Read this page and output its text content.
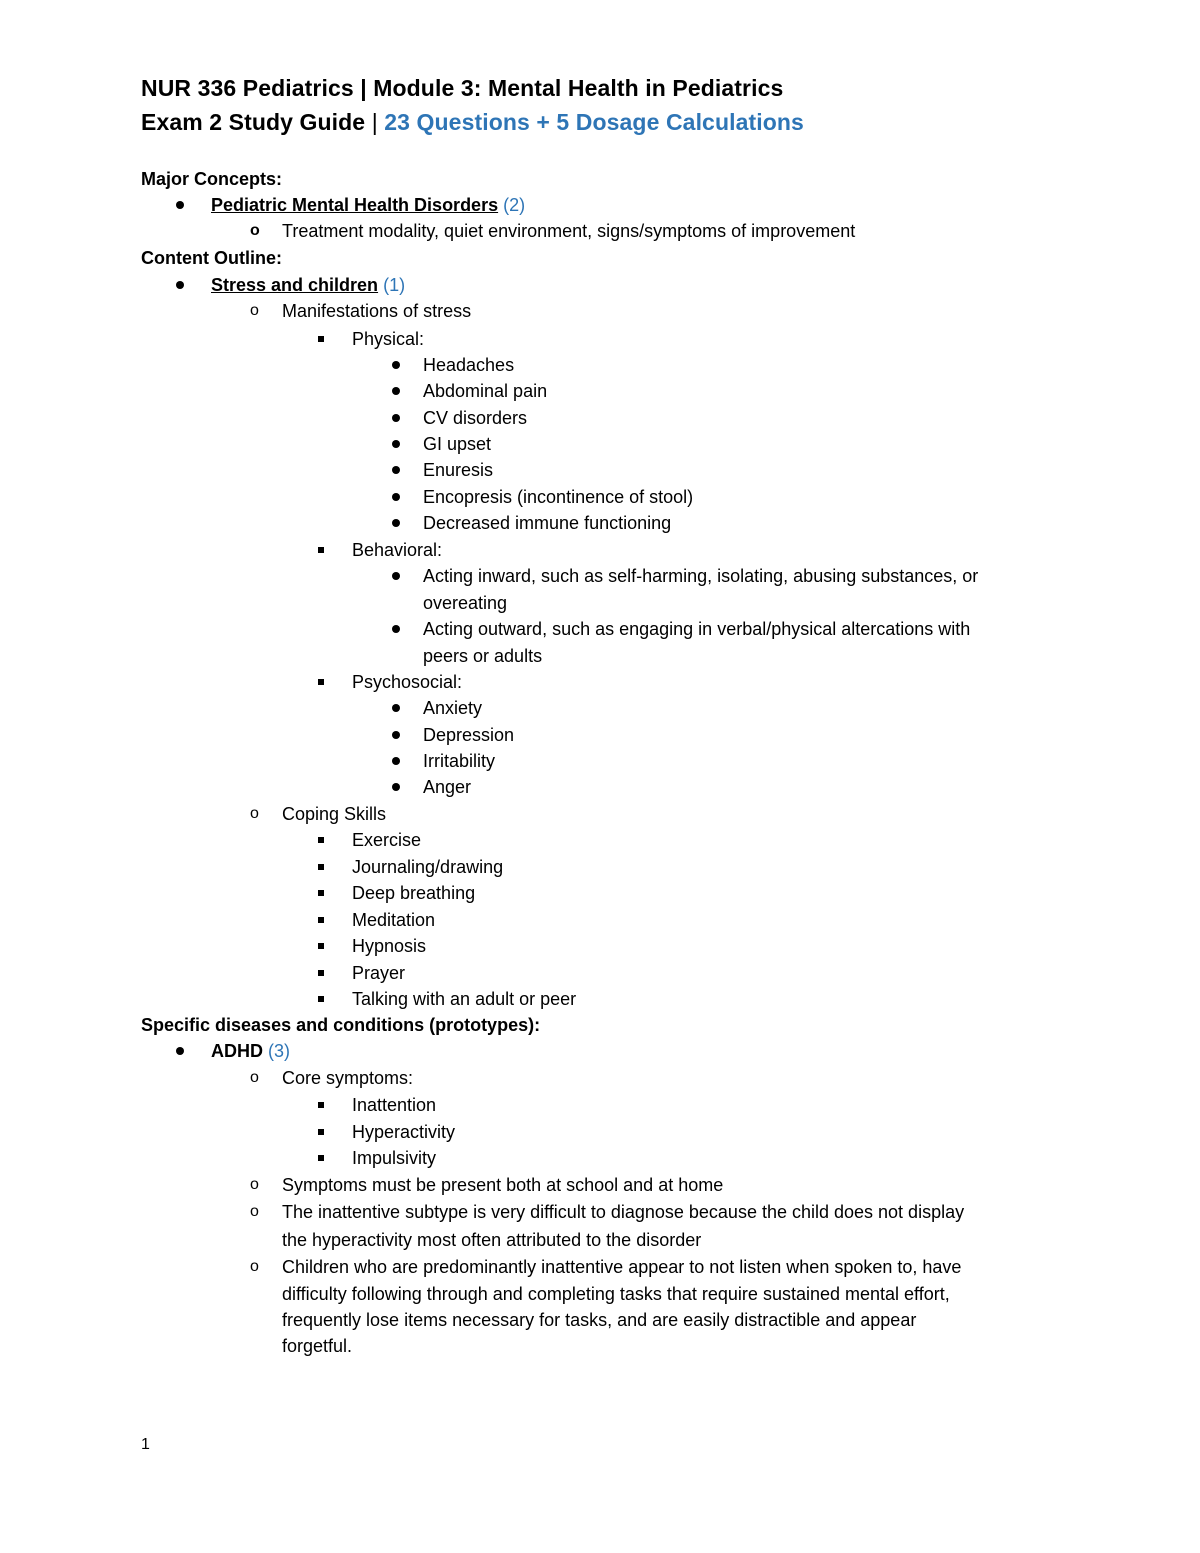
NUR 336 Pediatrics | Module 3: Mental Health in Pediatrics
Exam 2 Study Guide | 23 Questions + 5 Dosage Calculations
Major Concepts:
Pediatric Mental Health Disorders (2)
o Treatment modality, quiet environment, signs/symptoms of improvement
Content Outline:
Stress and children (1)
o Manifestations of stress
Physical:
Headaches
Abdominal pain
CV disorders
GI upset
Enuresis
Encopresis (incontinence of stool)
Decreased immune functioning
Behavioral:
Acting inward, such as self-harming, isolating, abusing substances, or
overeating
Acting outward, such as engaging in verbal/physical altercations with
peers or adults
Psychosocial:
Anxiety
Depression
Irritability
Anger
o Coping Skills
Exercise
Journaling/drawing
Deep breathing
Meditation
Hypnosis
Prayer
Talking with an adult or peer
Specific diseases and conditions (prototypes):
ADHD (3)
o Core symptoms:
Inattention
Hyperactivity
Impulsivity
o Symptoms must be present both at school and at home
o The inattentive subtype is very difficult to diagnose because the child does not display
the hyperactivity most often attributed to the disorder
o Children who are predominantly inattentive appear to not listen when spoken to, have
difficulty following through and completing tasks that require sustained mental effort,
frequently lose items necessary for tasks, and are easily distractible and appear
forgetful.
1
